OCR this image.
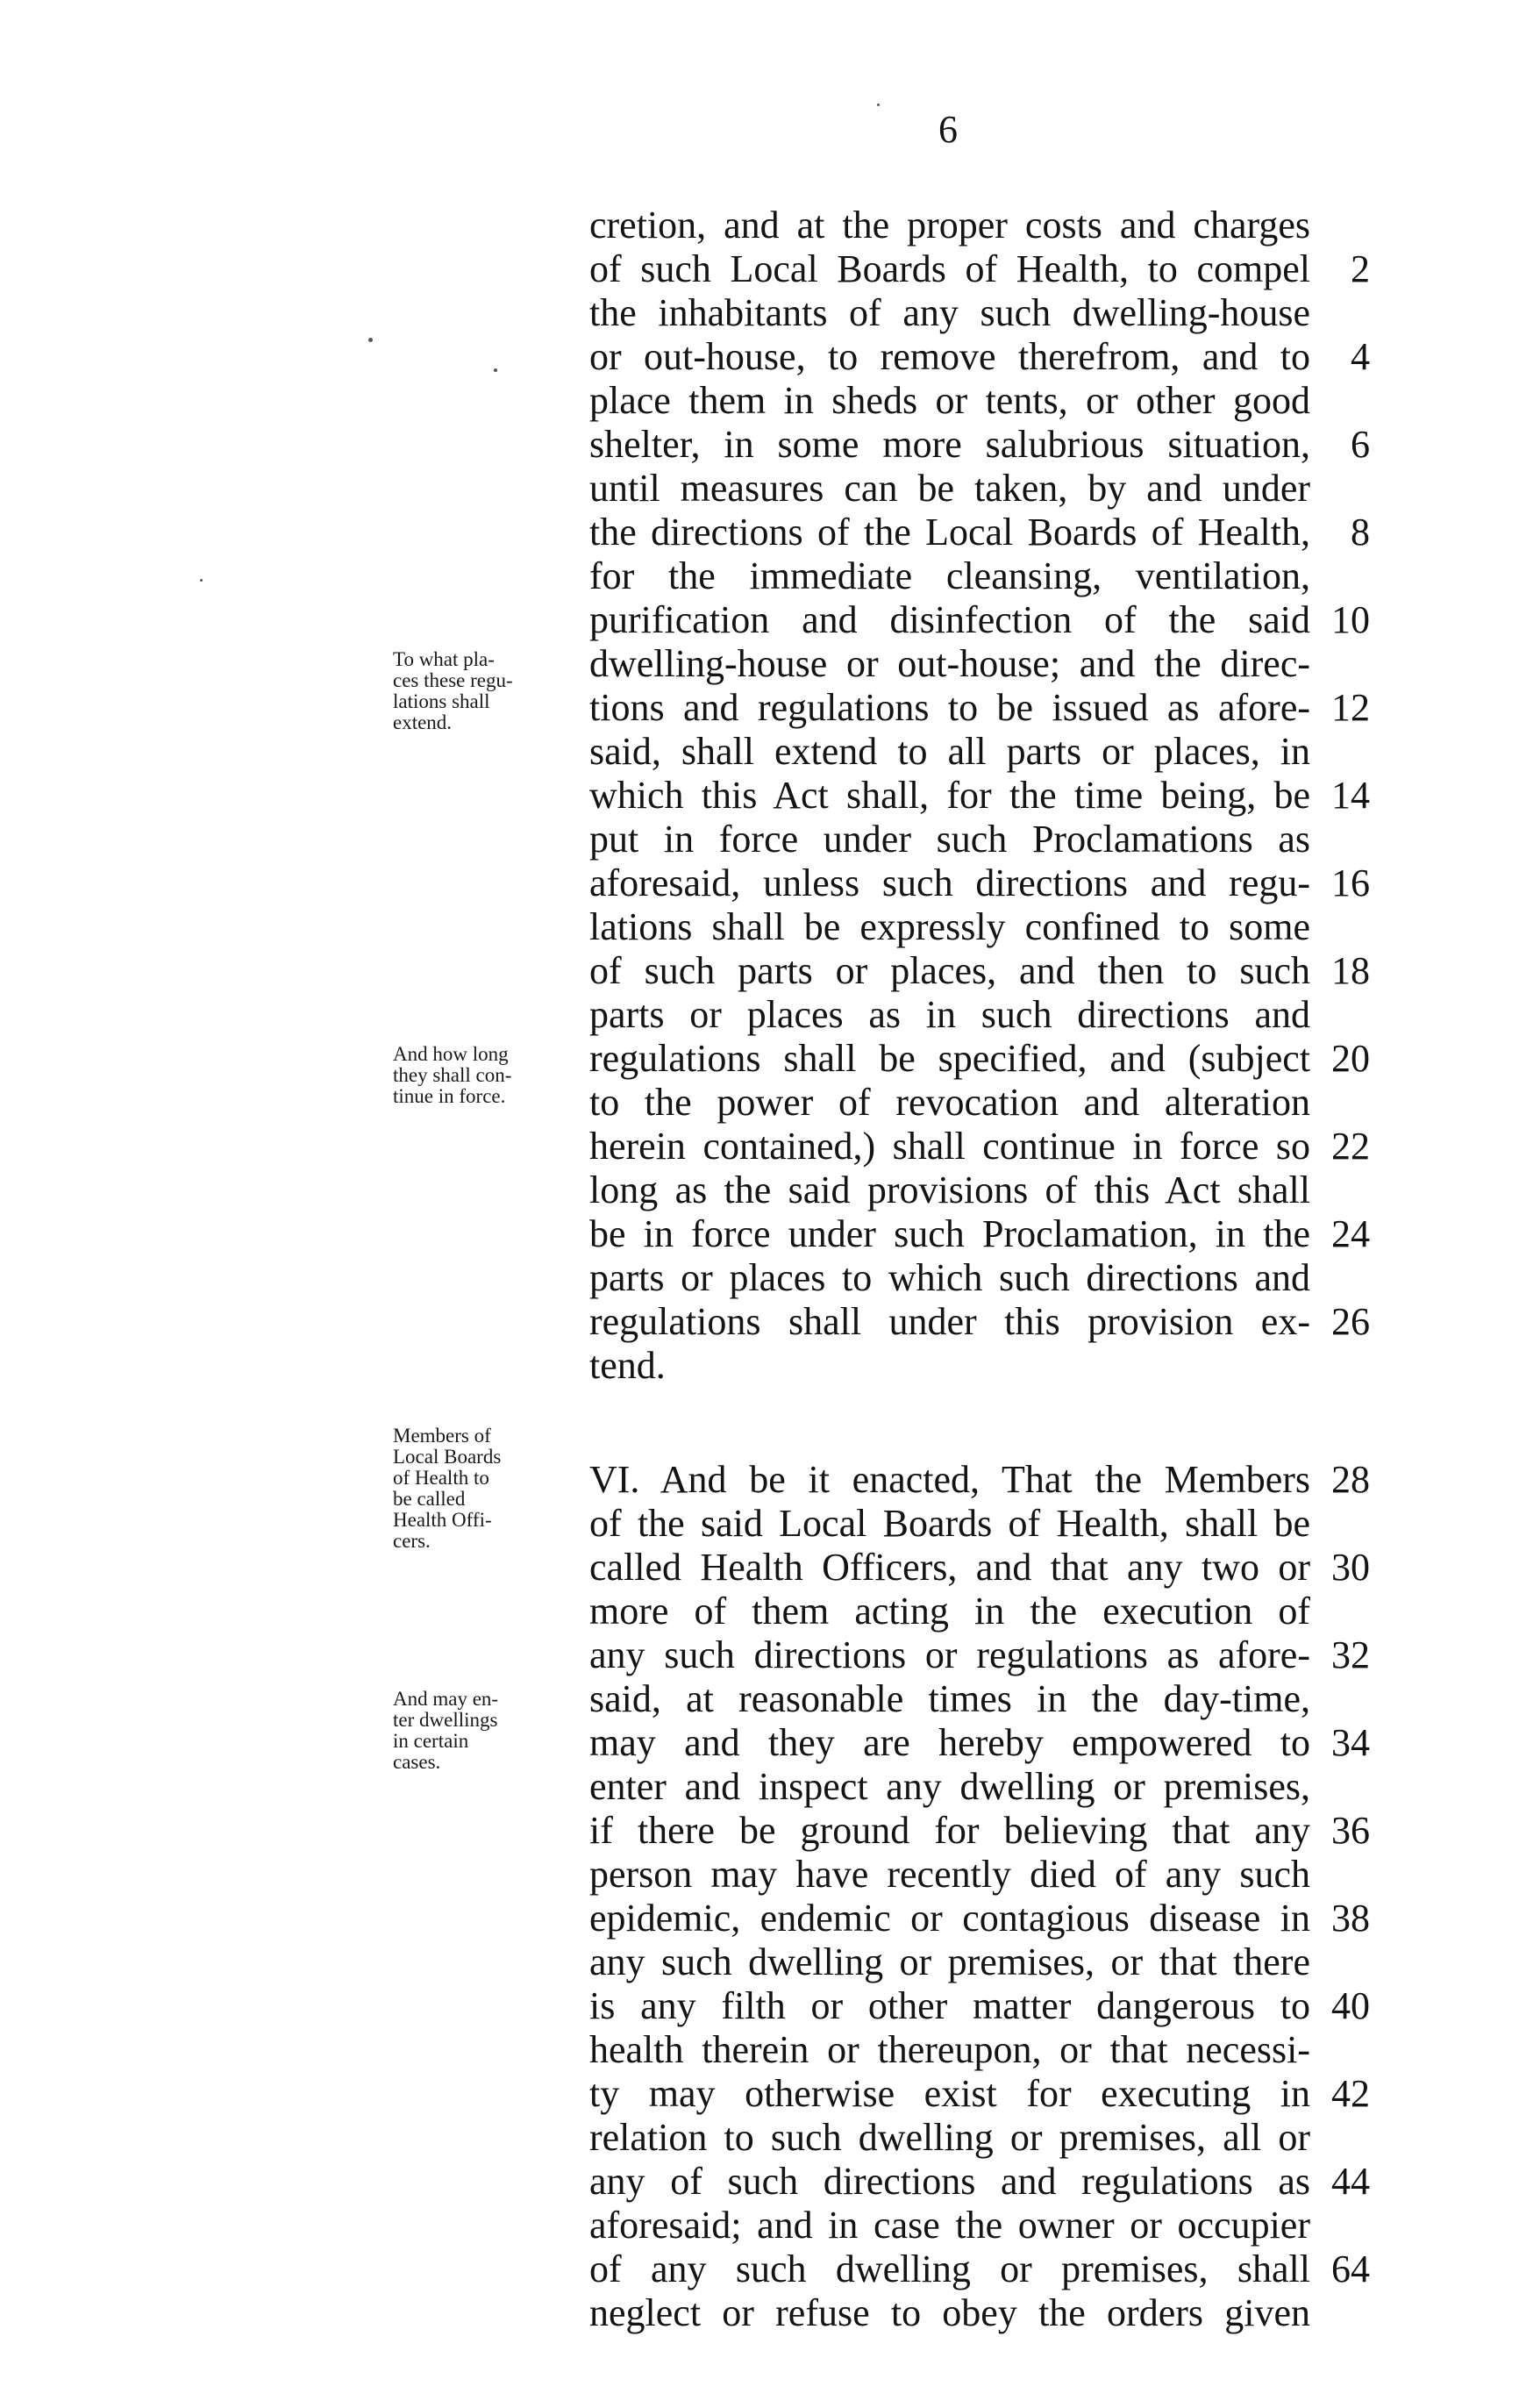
6
To what pla-
ces these regu-
lations shall
extend.
And how long
they shall con-
tinue in force.
Members of
Local Boards
of Health to
be called
Health Offi-
cers.
And may en-
ter dwellings
in certain
cases.
cretion, and at the proper costs and charges
of such Local Boards of Health, to compel	2
the inhabitants of any such dwelling-house
or out-house, to remove therefrom, and to	4
place them in sheds or tents, or other good
shelter, in some more salubrious situation,	6
until measures can be taken, by and under
the directions of the Local Boards of Health,	8
for the immediate cleansing, ventilation,
purification and disinfection of the said 10
dwelling-house or out-house; and the direc-
tions and regulations to be issued as afore- 12
said, shall extend to all parts or places, in
which this Act shall, for the time being, be 14
put in force under such Proclamations as
aforesaid, unless such directions and regu- 16
lations shall be expressly confined to some
of such parts or places, and then to such 18
parts or places as in such directions and
regulations shall be specified, and (subject 20
to the power of revocation and alteration
herein contained,) shall continue in force so 22
long as the said provisions of this Act shall
be in force under such Proclamation, in the 24
parts or places to which such directions and
regulations shall under this provision ex- 26
tend.
VI. And be it enacted, That the Members 28
of the said Local Boards of Health, shall be
called Health Officers, and that any two or 30
more of them acting in the execution of
any such directions or regulations as afore- 32
said, at reasonable times in the day-time,
may and they are hereby empowered to 34
enter and inspect any dwelling or premises,
if there be ground for believing that any 36
person may have recently died of any such
epidemic, endemic or contagious disease in 38
any such dwelling or premises, or that there
is any filth or other matter dangerous to 40
health therein or thereupon, or that necessi-
ty may otherwise exist for executing in 42
relation to such dwelling or premises, all or
any of such directions and regulations as 44
aforesaid; and in case the owner or occupier
of any such dwelling or premises, shall 64
neglect or refuse to obey the orders given
